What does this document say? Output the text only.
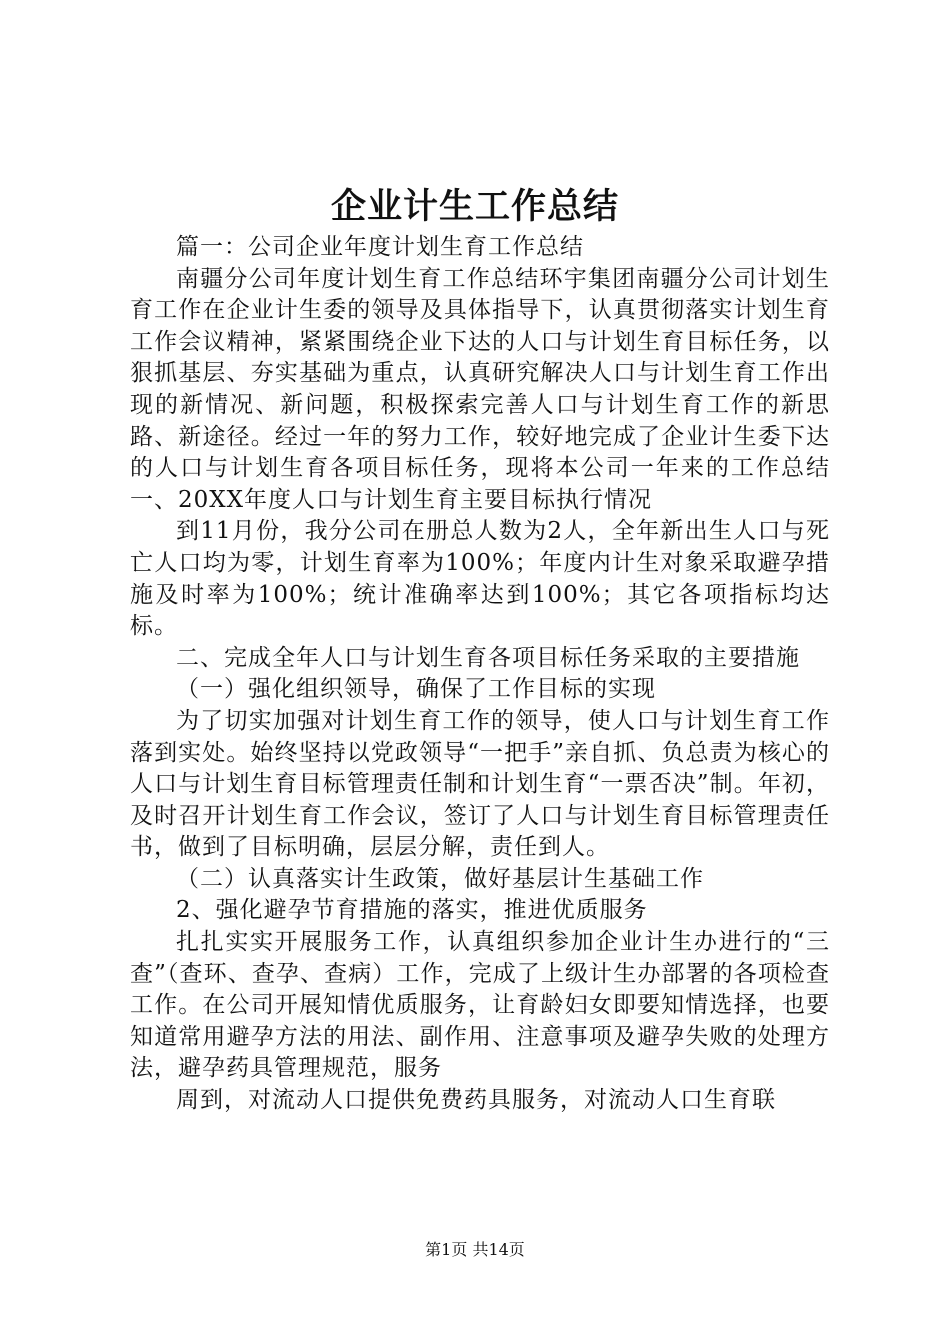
企业计生工作总结

篇一：公司企业年度计划生育工作总结

南疆分公司年度计划生育工作总结环宇集团南疆分公司计划生育工作在企业计生委的领导及具体指导下，认真贯彻落实计划生育工作会议精神，紧紧围绕企业下达的人口与计划生育目标任务，以狠抓基层、夯实基础为重点，认真研究解决人口与计划生育工作出现的新情况、新问题，积极探索完善人口与计划生育工作的新思路、新途径。经过一年的努力工作，较好地完成了企业计生委下达的人口与计划生育各项目标任务，现将本公司一年来的工作总结一、20XX年度人口与计划生育主要目标执行情况

到11月份，我分公司在册总人数为2人，全年新出生人口与死亡人口均为零，计划生育率为100%；年度内计生对象采取避孕措施及时率为100%；统计准确率达到100%；其它各项指标均达标。

二、完成全年人口与计划生育各项目标任务采取的主要措施

（一）强化组织领导，确保了工作目标的实现

为了切实加强对计划生育工作的领导，使人口与计划生育工作落到实处。始终坚持以党政领导“一把手”亲自抓、负总责为核心的人口与计划生育目标管理责任制和计划生育“一票否决”制。年初，及时召开计划生育工作会议，签订了人口与计划生育目标管理责任书，做到了目标明确，层层分解，责任到人。

（二）认真落实计生政策，做好基层计生基础工作

2、强化避孕节育措施的落实，推进优质服务

扎扎实实开展服务工作，认真组织参加企业计生办进行的“三查”（查环、查孕、查病）工作，完成了上级计生办部署的各项检查工作。在公司开展知情优质服务，让育龄妇女即要知情选择，也要知道常用避孕方法的用法、副作用、注意事项及避孕失败的处理方法，避孕药具管理规范，服务

周到，对流动人口提供免费药具服务，对流动人口生育联

第1页 共14页
